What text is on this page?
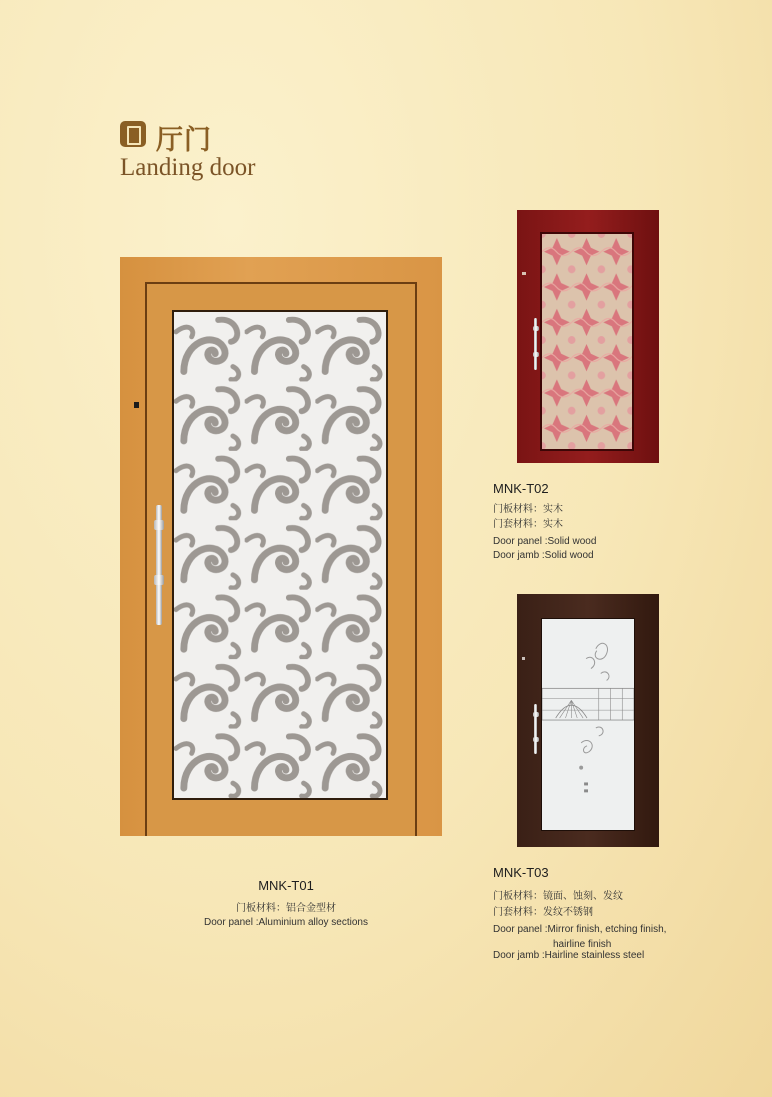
厅门
Landing door
MNK-T01
门板材料：铝合金型材
Door panel :Aluminium alloy sections
MNK-T02
门板材料：实木
门套材料：实木
Door panel :Solid wood
Door jamb :Solid wood
MNK-T03
门板材料：镜面、蚀刻、发纹
门套材料：发纹不锈钢
Door panel :Mirror finish, etching finish,
hairline finish
Door jamb :Hairline stainless steel
